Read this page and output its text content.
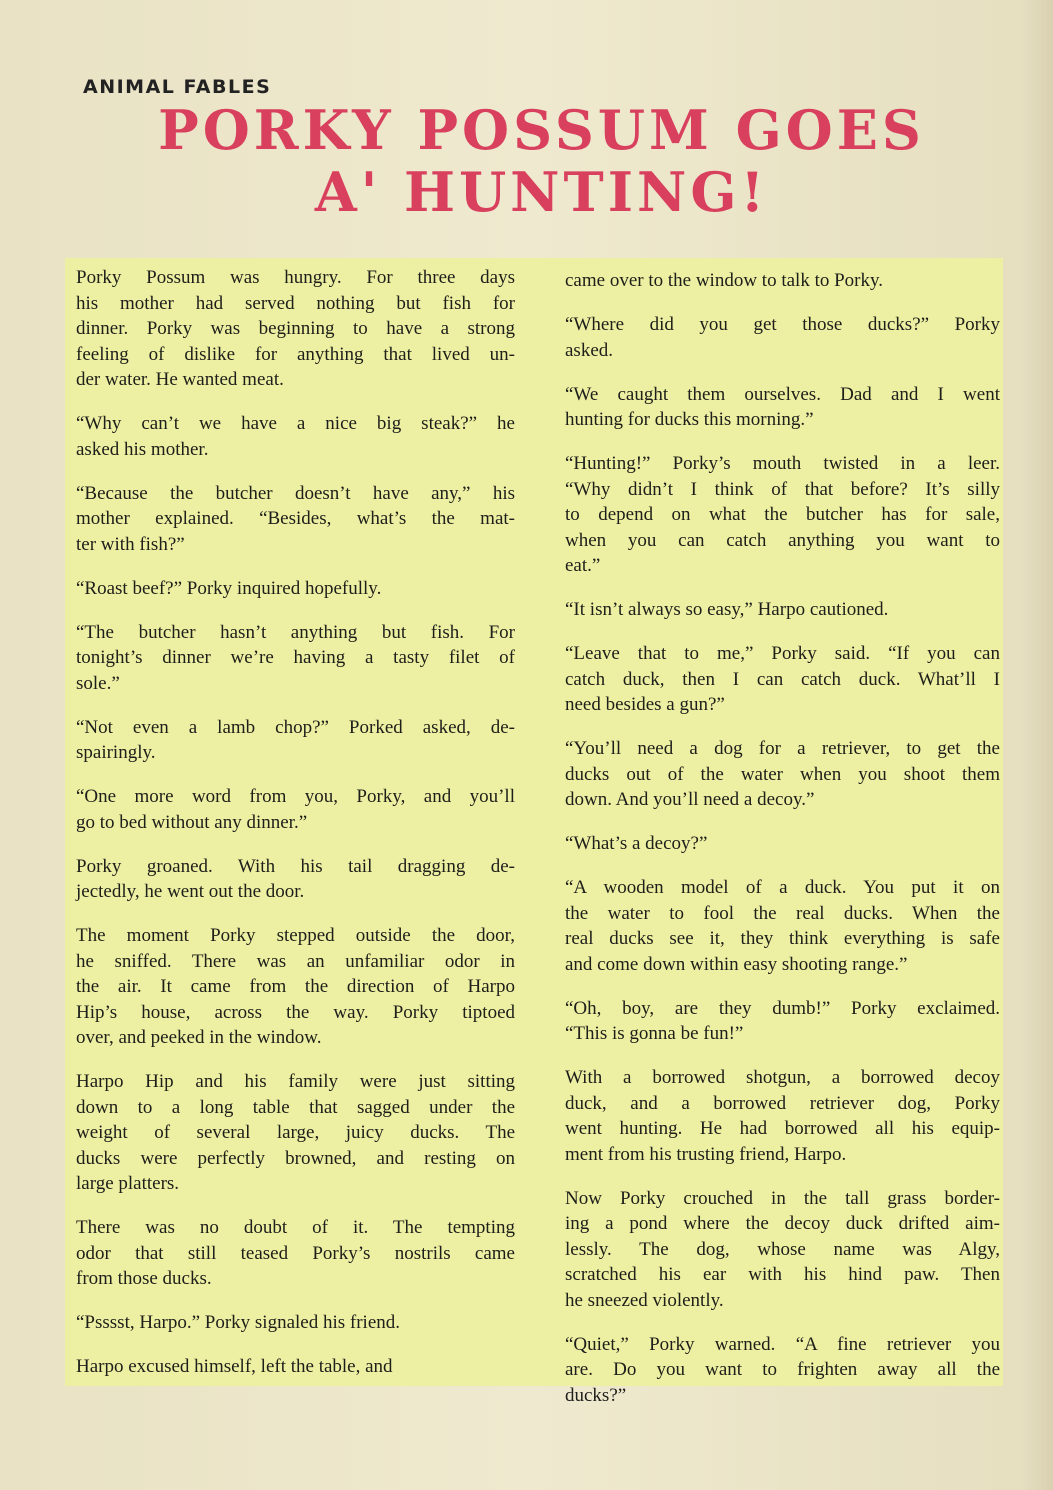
ANIMAL FABLES
PORKY POSSUM GOES
A' HUNTING!
Porky Possum was hungry. For three days
his mother had served nothing but fish for
dinner. Porky was beginning to have a strong
feeling of dislike for anything that lived un-
der water. He wanted meat.
“Why can’t we have a nice big steak?” he
asked his mother.
“Because the butcher doesn’t have any,” his
mother explained. “Besides, what’s the mat-
ter with fish?”
“Roast beef?” Porky inquired hopefully.
“The butcher hasn’t anything but fish. For
tonight’s dinner we’re having a tasty filet of
sole.”
“Not even a lamb chop?” Porked asked, de-
spairingly.
“One more word from you, Porky, and you’ll
go to bed without any dinner.”
Porky groaned. With his tail dragging de-
jectedly, he went out the door.
The moment Porky stepped outside the door,
he sniffed. There was an unfamiliar odor in
the air. It came from the direction of Harpo
Hip’s house, across the way. Porky tiptoed
over, and peeked in the window.
Harpo Hip and his family were just sitting
down to a long table that sagged under the
weight of several large, juicy ducks. The
ducks were perfectly browned, and resting on
large platters.
There was no doubt of it. The tempting
odor that still teased Porky’s nostrils came
from those ducks.
“Psssst, Harpo.” Porky signaled his friend.
Harpo excused himself, left the table, and
came over to the window to talk to Porky.
“Where did you get those ducks?” Porky
asked.
“We caught them ourselves. Dad and I went
hunting for ducks this morning.”
“Hunting!” Porky’s mouth twisted in a leer.
“Why didn’t I think of that before? It’s silly
to depend on what the butcher has for sale,
when you can catch anything you want to
eat.”
“It isn’t always so easy,” Harpo cautioned.
“Leave that to me,” Porky said. “If you can
catch duck, then I can catch duck. What’ll I
need besides a gun?”
“You’ll need a dog for a retriever, to get the
ducks out of the water when you shoot them
down. And you’ll need a decoy.”
“What’s a decoy?”
“A wooden model of a duck. You put it on
the water to fool the real ducks. When the
real ducks see it, they think everything is safe
and come down within easy shooting range.”
“Oh, boy, are they dumb!” Porky exclaimed.
“This is gonna be fun!”
With a borrowed shotgun, a borrowed decoy
duck, and a borrowed retriever dog, Porky
went hunting. He had borrowed all his equip-
ment from his trusting friend, Harpo.
Now Porky crouched in the tall grass border-
ing a pond where the decoy duck drifted aim-
lessly. The dog, whose name was Algy,
scratched his ear with his hind paw. Then
he sneezed violently.
“Quiet,” Porky warned. “A fine retriever you
are. Do you want to frighten away all the
ducks?”
